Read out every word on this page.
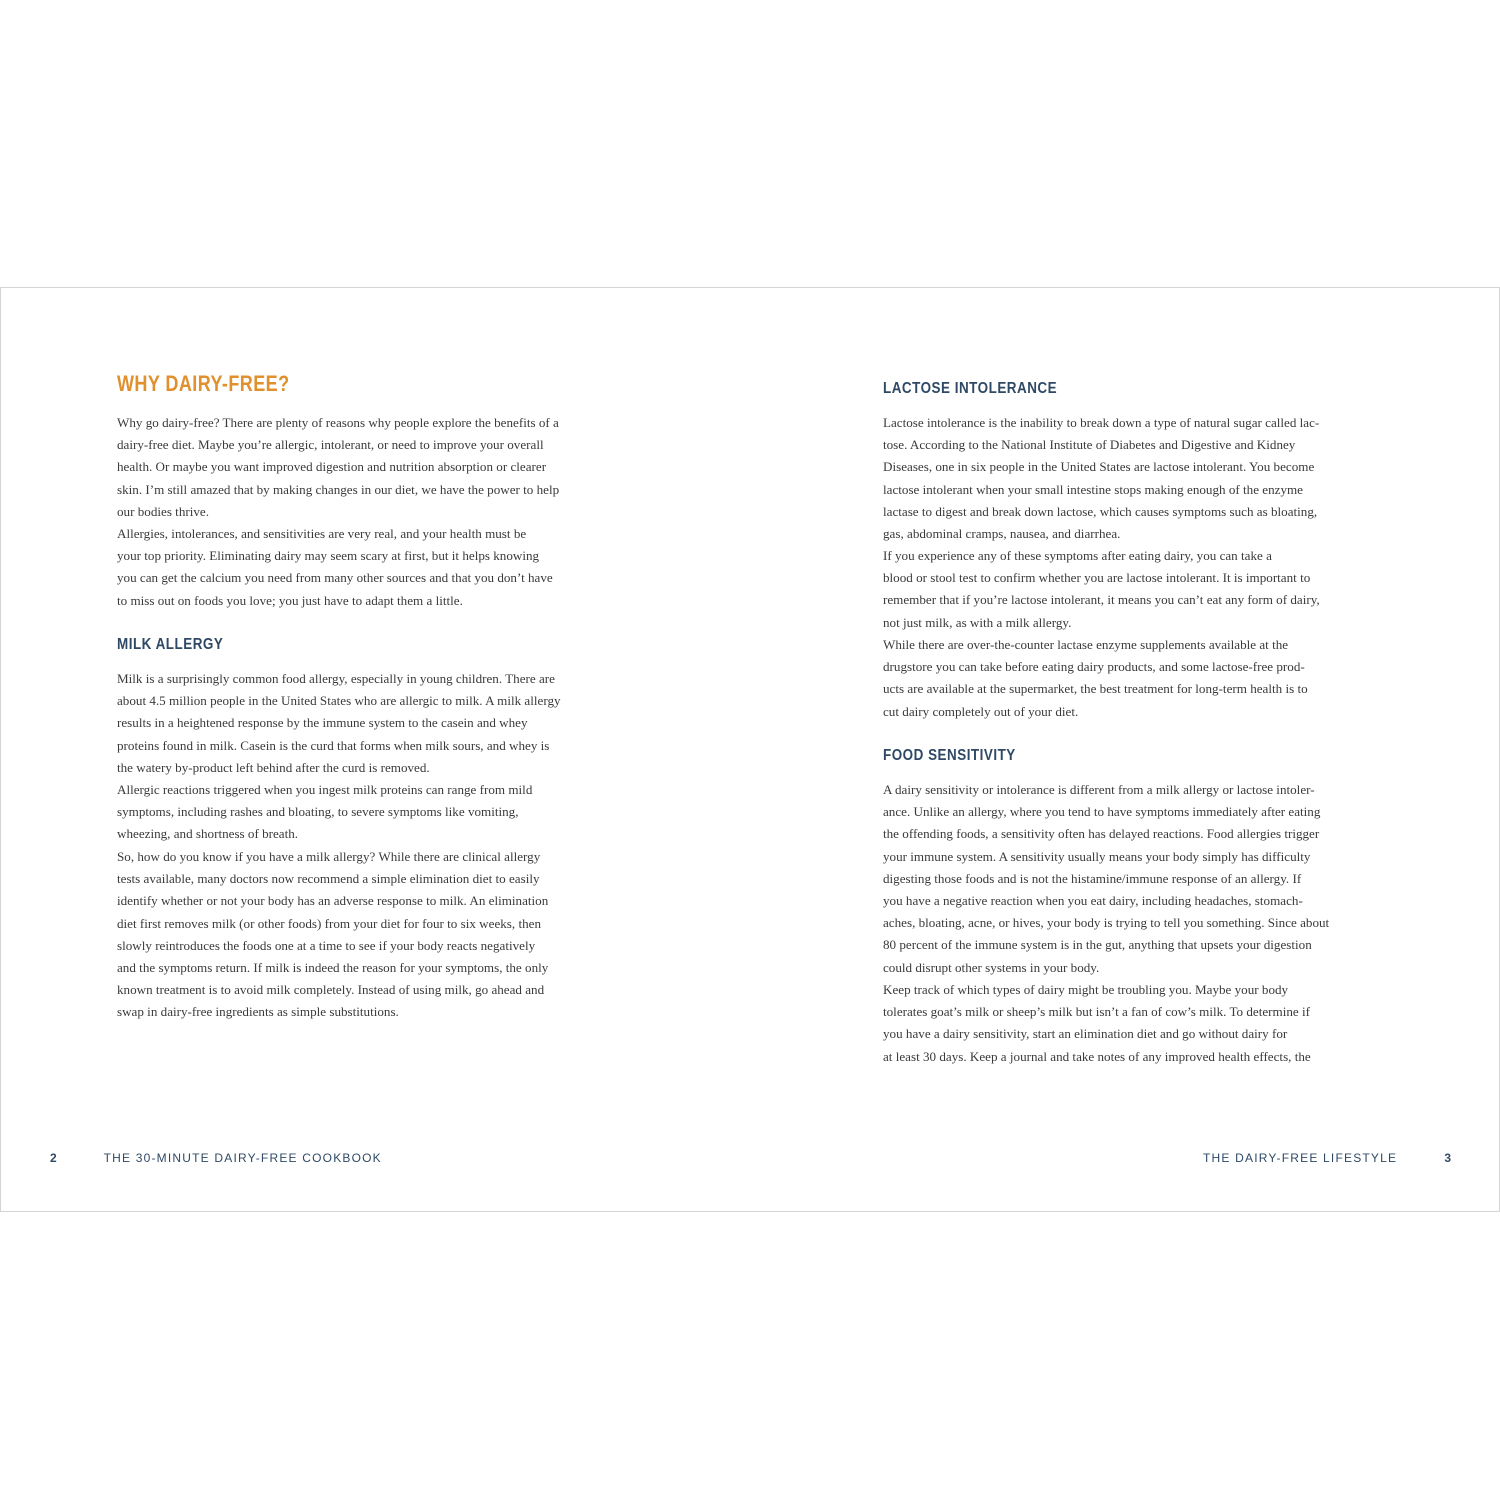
WHY DAIRY-FREE?

Why go dairy-free? There are plenty of reasons why people explore the benefits of a
dairy-free diet. Maybe you’re allergic, intolerant, or need to improve your overall
health. Or maybe you want improved digestion and nutrition absorption or clearer
skin. I’m still amazed that by making changes in our diet, we have the power to help
our bodies thrive.

Allergies, intolerances, and sensitivities are very real, and your health must be
your top priority. Eliminating dairy may seem scary at first, but it helps knowing
you can get the calcium you need from many other sources and that you don’t have
to miss out on foods you love; you just have to adapt them a little.

MILK ALLERGY

Milk is a surprisingly common food allergy, especially in young children. There are
about 4.5 million people in the United States who are allergic to milk. A milk allergy
results in a heightened response by the immune system to the casein and whey
proteins found in milk. Casein is the curd that forms when milk sours, and whey is
the watery by-product left behind after the curd is removed.

Allergic reactions triggered when you ingest milk proteins can range from mild
symptoms, including rashes and bloating, to severe symptoms like vomiting,
wheezing, and shortness of breath.

So, how do you know if you have a milk allergy? While there are clinical allergy
tests available, many doctors now recommend a simple elimination diet to easily
identify whether or not your body has an adverse response to milk. An elimination
diet first removes milk (or other foods) from your diet for four to six weeks, then
slowly reintroduces the foods one at a time to see if your body reacts negatively
and the symptoms return. If milk is indeed the reason for your symptoms, the only
known treatment is to avoid milk completely. Instead of using milk, go ahead and
swap in dairy-free ingredients as simple substitutions.

LACTOSE INTOLERANCE

Lactose intolerance is the inability to break down a type of natural sugar called lac-
tose. According to the National Institute of Diabetes and Digestive and Kidney
Diseases, one in six people in the United States are lactose intolerant. You become
lactose intolerant when your small intestine stops making enough of the enzyme
lactase to digest and break down lactose, which causes symptoms such as bloating,
gas, abdominal cramps, nausea, and diarrhea.

If you experience any of these symptoms after eating dairy, you can take a
blood or stool test to confirm whether you are lactose intolerant. It is important to
remember that if you’re lactose intolerant, it means you can’t eat any form of dairy,
not just milk, as with a milk allergy.

While there are over-the-counter lactase enzyme supplements available at the
drugstore you can take before eating dairy products, and some lactose-free prod-
ucts are available at the supermarket, the best treatment for long-term health is to
cut dairy completely out of your diet.

FOOD SENSITIVITY

A dairy sensitivity or intolerance is different from a milk allergy or lactose intoler-
ance. Unlike an allergy, where you tend to have symptoms immediately after eating
the offending foods, a sensitivity often has delayed reactions. Food allergies trigger
your immune system. A sensitivity usually means your body simply has difficulty
digesting those foods and is not the histamine/immune response of an allergy. If
you have a negative reaction when you eat dairy, including headaches, stomach-
aches, bloating, acne, or hives, your body is trying to tell you something. Since about
80 percent of the immune system is in the gut, anything that upsets your digestion
could disrupt other systems in your body.

Keep track of which types of dairy might be troubling you. Maybe your body
tolerates goat’s milk or sheep’s milk but isn’t a fan of cow’s milk. To determine if
you have a dairy sensitivity, start an elimination diet and go without dairy for
at least 30 days. Keep a journal and take notes of any improved health effects, the

2	THE 30-MINUTE DAIRY-FREE COOKBOOK	THE DAIRY-FREE LIFESTYLE	3
